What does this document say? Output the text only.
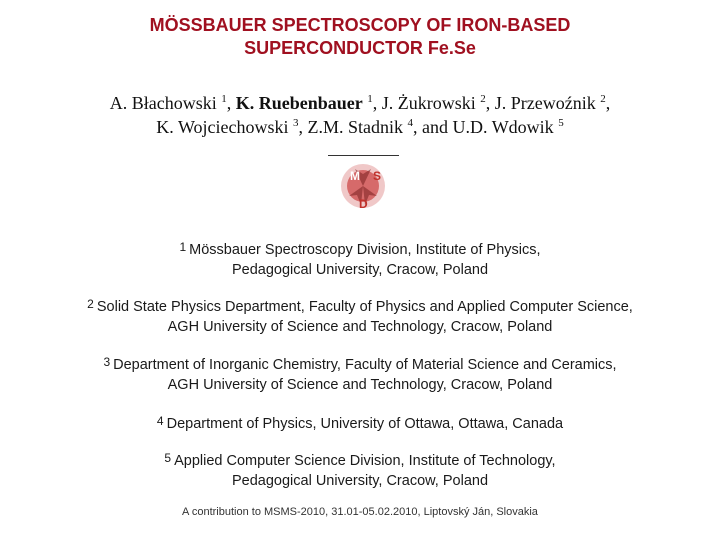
MÖSSBAUER SPECTROSCOPY OF IRON-BASED
SUPERCONDUCTOR Fe.Se
A. Błachowski $^1$, K. Ruebenbauer $^1$, J. Żukrowski $^2$, J. Przewoźnik $^2$,
K. Wojciechowski $^3$, Z.M. Stadnik $^4$, and U.D. Wdowik $^5$
M S
D
$^1$ Mössbauer Spectroscopy Division, Institute of Physics,
Pedagogical University, Cracow, Poland
$^2$ Solid State Physics Department, Faculty of Physics and Applied Computer Science,
AGH University of Science and Technology, Cracow, Poland
$^3$ Department of Inorganic Chemistry, Faculty of Material Science and Ceramics,
AGH University of Science and Technology, Cracow, Poland
$^4$ Department of Physics, University of Ottawa, Ottawa, Canada
$^5$ Applied Computer Science Division, Institute of Technology,
Pedagogical University, Cracow, Poland
A contribution to MSMS-2010, 31.01-05.02.2010, Liptovský Ján, Slovakia
